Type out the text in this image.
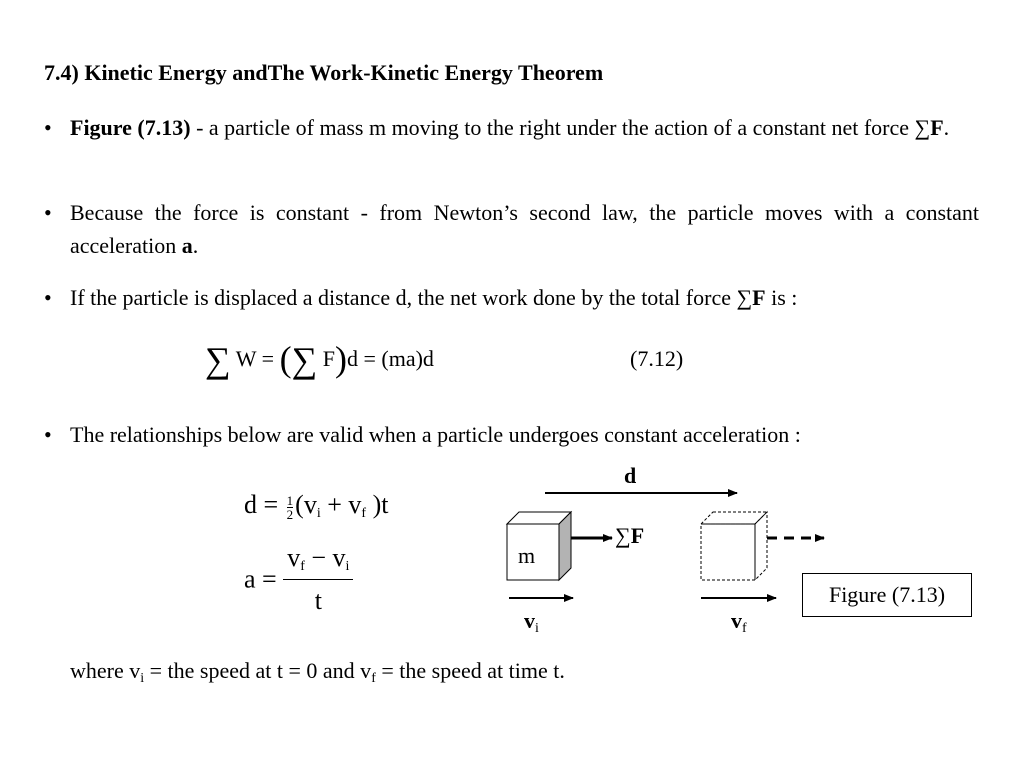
7.4) Kinetic Energy andThe Work-Kinetic Energy Theorem
• Figure (7.13) - a particle of mass m moving to the right under the action of a constant net force ∑F.
• Because the force is constant - from Newton’s second law, the particle moves with a constant acceleration a.
• If the particle is displaced a distance d, the net work done by the total force ∑F is :
∑ W = (∑ F)d = (ma)d	(7.12)
• The relationships below are valid when a particle undergoes constant acceleration :
$d = \frac{1}{2} (v_i + v_f$ )t
$a = \frac{v_f - v_i}{t}$
d
m
∑F
$v_i$	$v_f$
Figure (7.13)
where $v_i$ = the speed at t = 0 and $v_f$ = the speed at time t.
